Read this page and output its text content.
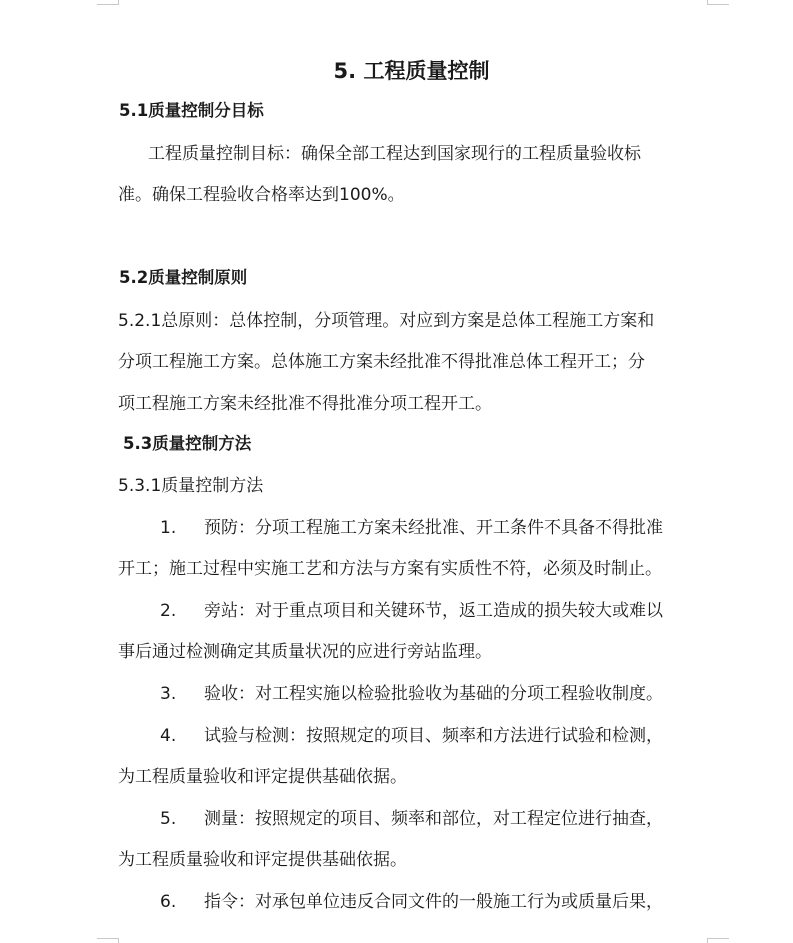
5. 工程质量控制
5.1质量控制分目标
工程质量控制目标：确保全部工程达到国家现行的工程质量验收标
准。确保工程验收合格率达到100%。
5.2质量控制原则
5.2.1总原则：总体控制，分项管理。对应到方案是总体工程施工方案和
分项工程施工方案。总体施工方案未经批准不得批准总体工程开工；分
项工程施工方案未经批准不得批准分项工程开工。
5.3质量控制方法
5.3.1质量控制方法
1. 预防：分项工程施工方案未经批准、开工条件不具备不得批准
开工；施工过程中实施工艺和方法与方案有实质性不符，必须及时制止。
2. 旁站：对于重点项目和关键环节，返工造成的损失较大或难以
事后通过检测确定其质量状况的应进行旁站监理。
3. 验收：对工程实施以检验批验收为基础的分项工程验收制度。
4. 试验与检测：按照规定的项目、频率和方法进行试验和检测，
为工程质量验收和评定提供基础依据。
5. 测量：按照规定的项目、频率和部位，对工程定位进行抽查，
为工程质量验收和评定提供基础依据。
6. 指令：对承包单位违反合同文件的一般施工行为或质量后果，
